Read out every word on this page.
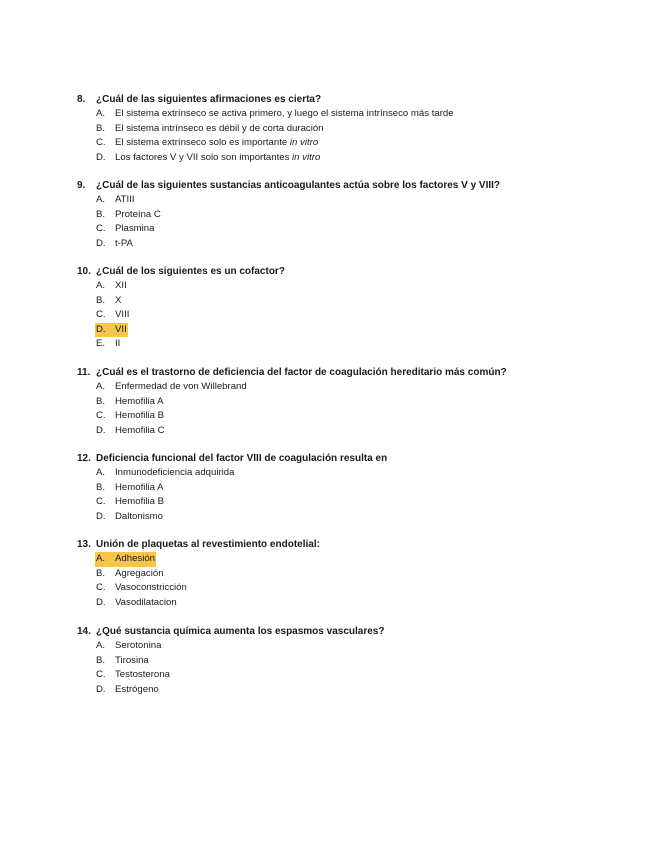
8. ¿Cuál de las siguientes afirmaciones es cierta?
A. El sistema extrínseco se activa primero, y luego el sistema intrínseco más tarde
B. El sistema intrínseco es débil y de corta duración
C. El sistema extrínseco solo es importante in vitro
D. Los factores V y VII solo son importantes in vitro
9. ¿Cuál de las siguientes sustancias anticoagulantes actúa sobre los factores V y VIII?
A. ATIII
B. Proteína C
C. Plasmina
D. t-PA
10. ¿Cuál de los siguientes es un cofactor?
A. XII
B. X
C. VIII
D. VII
E. II
11. ¿Cuál es el trastorno de deficiencia del factor de coagulación hereditario más común?
A. Enfermedad de von Willebrand
B. Hemofilia A
C. Hemofilia B
D. Hemofilia C
12. Deficiencia funcional del factor VIII de coagulación resulta en
A. Inmunodeficiencia adquirida
B. Hemofilia A
C. Hemofilia B
D. Daltonismo
13. Unión de plaquetas al revestimiento endotelial:
A. Adhesión
B. Agregación
C. Vasoconstricción
D. Vasodilatacion
14. ¿Qué sustancia química aumenta los espasmos vasculares?
A. Serotonina
B. Tirosina
C. Testosterona
D. Estrógeno
